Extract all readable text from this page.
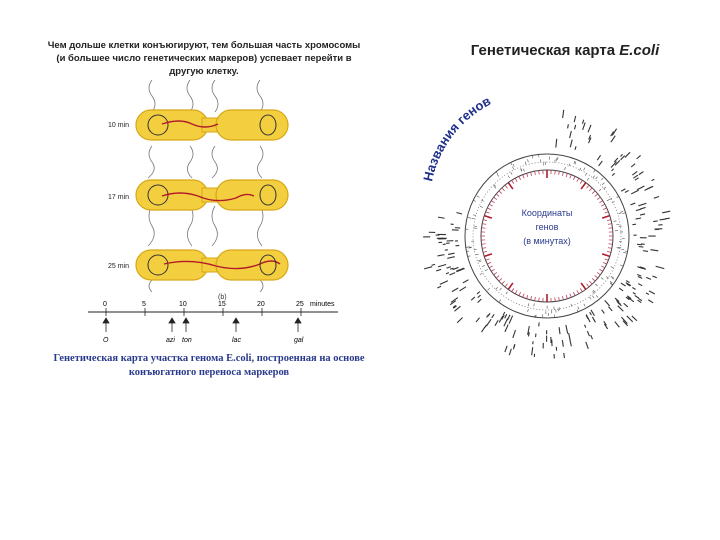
Чем дольше клетки конъюгируют, тем большая часть хромосомы
(и большее число генетических маркеров) успевает перейти в
другую клетку.
10 min
17 min
25 min
(b)
0	5	10	15	20	25 minutes
O	azi ton	lac	gal
Генетическая карта участка генома E.coli, построенная на основе
конъюгатного переноса маркеров
Генетическая карта E.coli
Названия генов
Координаты
генов
(в минутах)
